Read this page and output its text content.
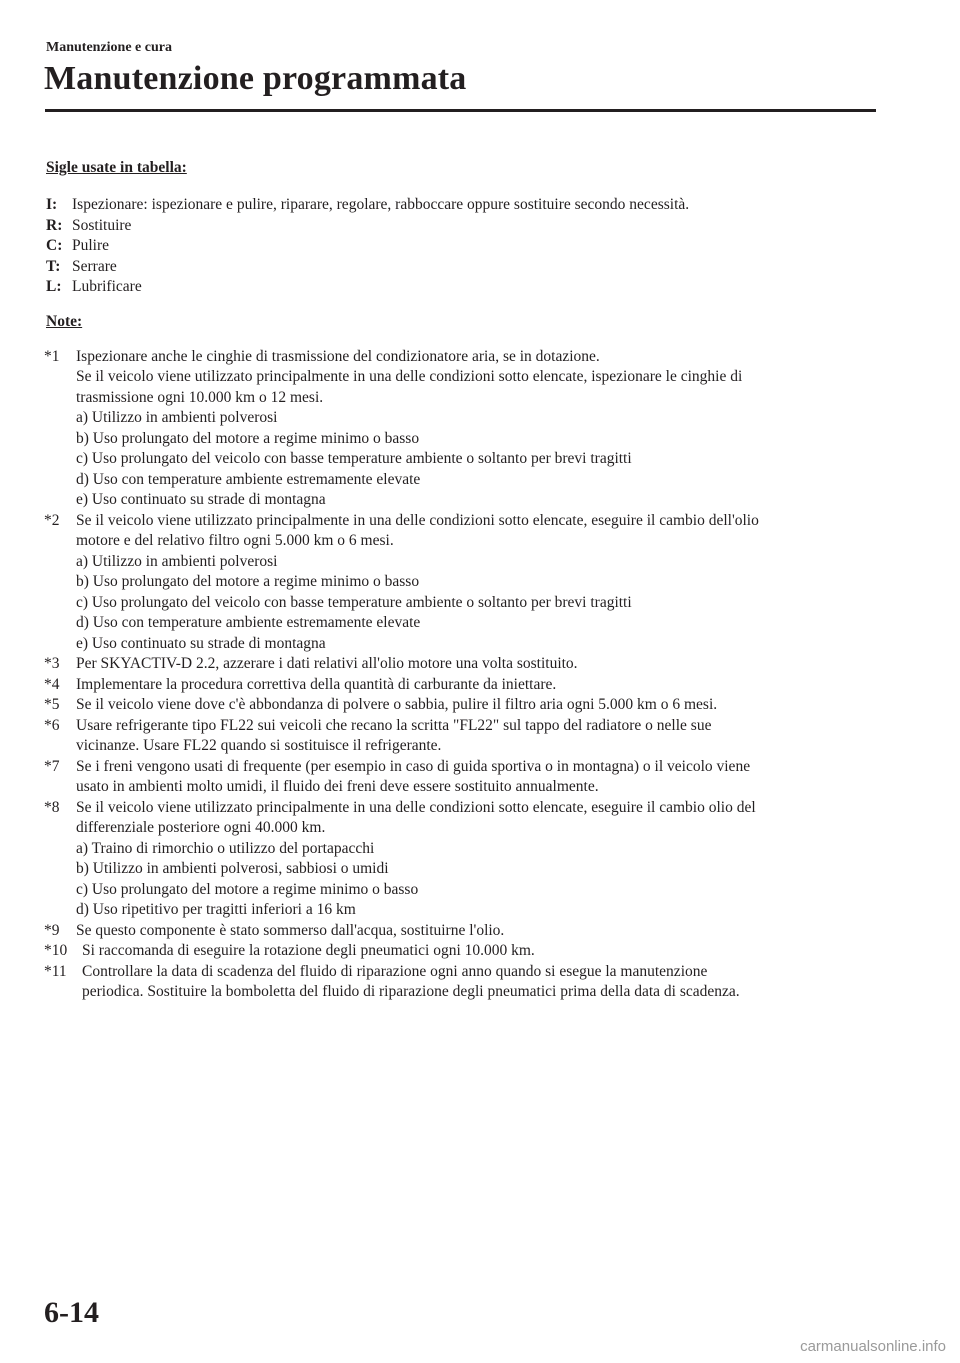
Manutenzione e cura
Manutenzione programmata
Sigle usate in tabella:
I: Ispezionare: ispezionare e pulire, riparare, regolare, rabboccare oppure sostituire secondo necessità.
R: Sostituire
C: Pulire
T: Serrare
L: Lubrificare
Note:
*1 Ispezionare anche le cinghie di trasmissione del condizionatore aria, se in dotazione.
Se il veicolo viene utilizzato principalmente in una delle condizioni sotto elencate, ispezionare le cinghie di
trasmissione ogni 10.000 km o 12 mesi.
a) Utilizzo in ambienti polverosi
b) Uso prolungato del motore a regime minimo o basso
c) Uso prolungato del veicolo con basse temperature ambiente o soltanto per brevi tragitti
d) Uso con temperature ambiente estremamente elevate
e) Uso continuato su strade di montagna
*2 Se il veicolo viene utilizzato principalmente in una delle condizioni sotto elencate, eseguire il cambio dell'olio
motore e del relativo filtro ogni 5.000 km o 6 mesi.
a) Utilizzo in ambienti polverosi
b) Uso prolungato del motore a regime minimo o basso
c) Uso prolungato del veicolo con basse temperature ambiente o soltanto per brevi tragitti
d) Uso con temperature ambiente estremamente elevate
e) Uso continuato su strade di montagna
*3 Per SKYACTIV-D 2.2, azzerare i dati relativi all'olio motore una volta sostituito.
*4 Implementare la procedura correttiva della quantità di carburante da iniettare.
*5 Se il veicolo viene dove c'è abbondanza di polvere o sabbia, pulire il filtro aria ogni 5.000 km o 6 mesi.
*6 Usare refrigerante tipo FL22 sui veicoli che recano la scritta "FL22" sul tappo del radiatore o nelle sue
vicinanze. Usare FL22 quando si sostituisce il refrigerante.
*7 Se i freni vengono usati di frequente (per esempio in caso di guida sportiva o in montagna) o il veicolo viene
usato in ambienti molto umidi, il fluido dei freni deve essere sostituito annualmente.
*8 Se il veicolo viene utilizzato principalmente in una delle condizioni sotto elencate, eseguire il cambio olio del
differenziale posteriore ogni 40.000 km.
a) Traino di rimorchio o utilizzo del portapacchi
b) Utilizzo in ambienti polverosi, sabbiosi o umidi
c) Uso prolungato del motore a regime minimo o basso
d) Uso ripetitivo per tragitti inferiori a 16 km
*9 Se questo componente è stato sommerso dall'acqua, sostituirne l'olio.
*10 Si raccomanda di eseguire la rotazione degli pneumatici ogni 10.000 km.
*11 Controllare la data di scadenza del fluido di riparazione ogni anno quando si esegue la manutenzione
periodica. Sostituire la bomboletta del fluido di riparazione degli pneumatici prima della data di scadenza.
6-14
carmanualsonline.info
